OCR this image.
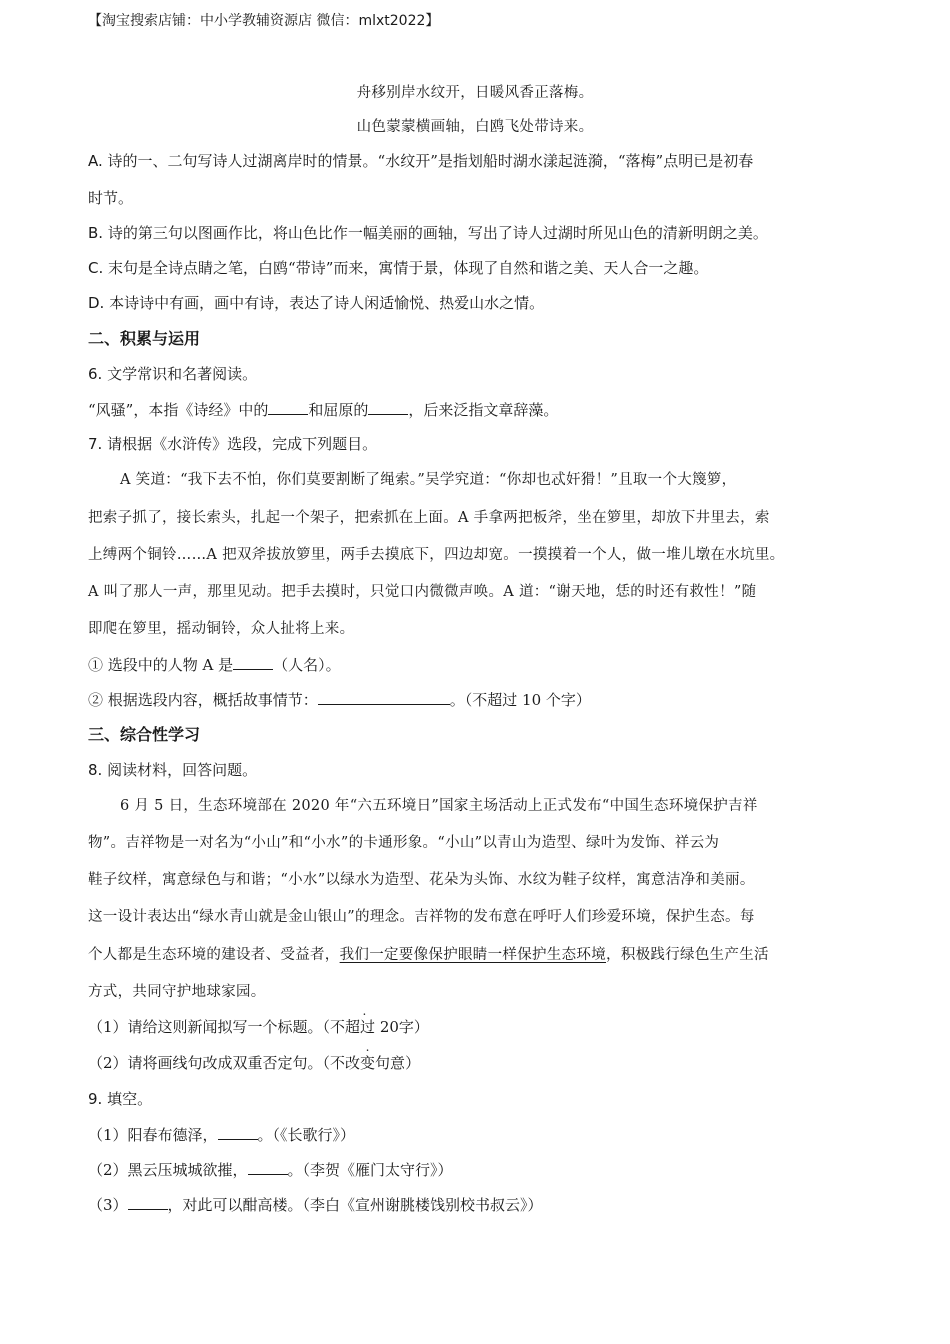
【淘宝搜索店铺：中小学教辅资源店 微信：mlxt2022】
舟移别岸水纹开，日暖风香正落梅。
山色蒙蒙横画轴，白鸥飞处带诗来。
A. 诗的一、二句写诗人过湖离岸时的情景。“水纹开”是指划船时湖水漾起涟漪，“落梅”点明已是初春
时节。
B. 诗的第三句以图画作比，将山色比作一幅美丽的画轴，写出了诗人过湖时所见山色的清新明朗之美。
C. 末句是全诗点睛之笔，白鸥“带诗”而来，寓情于景，体现了自然和谐之美、天人合一之趣。
D. 本诗诗中有画，画中有诗，表达了诗人闲适愉悦、热爱山水之情。
二、积累与运用
6. 文学常识和名著阅读。
“风骚”，本指《诗经》中的	和屈原的	，后来泛指文章辞藻。
7. 请根据《水浒传》选段，完成下列题目。
A 笑道：“我下去不怕，你们莫要割断了绳索。”吴学究道：“你却也忒奸猾！”且取一个大篾箩，
把索子抓了，接长索头，扎起一个架子，把索抓在上面。A 手拿两把板斧，坐在箩里，却放下井里去，索
上缚两个铜铃……A 把双斧拔放箩里，两手去摸底下，四边却宽。一摸摸着一个人，做一堆儿墩在水坑里。
A 叫了那人一声，那里见动。把手去摸时，只觉口内微微声唤。A 道：“谢天地，恁的时还有救性！”随
即爬在箩里，摇动铜铃，众人扯将上来。
① 选段中的人物 A 是	（人名）。
② 根据选段内容，概括故事情节：	。（不超过 10 个字）
三、综合性学习
8. 阅读材料，回答问题。
6 月 5 日，生态环境部在 2020 年“六五环境日”国家主场活动上正式发布“中国生态环境保护吉祥
物”。吉祥物是一对名为“小山”和“小水”的卡通形象。“小山”以青山为造型、绿叶为发饰、祥云为
鞋子纹样，寓意绿色与和谐；“小水”以绿水为造型、花朵为头饰、水纹为鞋子纹样，寓意洁净和美丽。
这一设计表达出“绿水青山就是金山银山”的理念。吉祥物的发布意在呼吁人们珍爱环境，保护生态。每
个人都是生态环境的建设者、受益者，我们一定要像保护眼睛一样保护生态环境，积极践行绿色生产生活
方式，共同守护地球家园。
（1）请给这则新闻拟写一个标题。（. 不超过 20字）
（2）请将画线句改成双重否定句。（. 不改变句意）
9. 填空。
（1）阳春布德泽，	。（《长歌行》）
（2）黑云压城城欲摧，	。（李贺《雁门太守行》）
（3）	，对此可以酣高楼。（李白《宣州谢朓楼饯别校书叔云》）
